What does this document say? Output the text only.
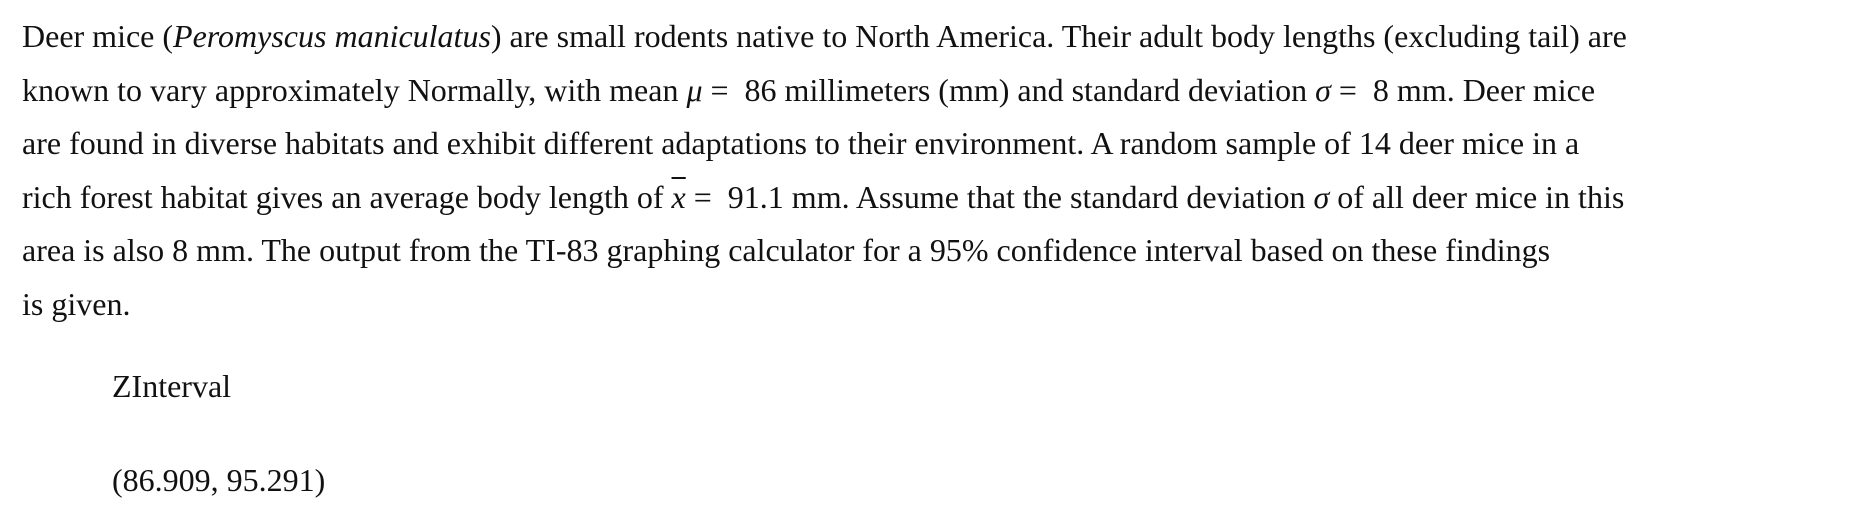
Deer mice (Peromyscus maniculatus) are small rodents native to North America. Their adult body lengths (excluding tail) are
known to vary approximately Normally, with mean μ = 86 millimeters (mm) and standard deviation σ = 8 mm. Deer mice
are found in diverse habitats and exhibit different adaptations to their environment. A random sample of 14 deer mice in a
rich forest habitat gives an average body length of $\overline{x} = 91.1$ mm. Assume that the standard deviation σ of all deer mice in this
area is also 8 mm. The output from the TI-83 graphing calculator for a 95% confidence interval based on these findings
is given.

ZInterval

(86.909, 95.291)
